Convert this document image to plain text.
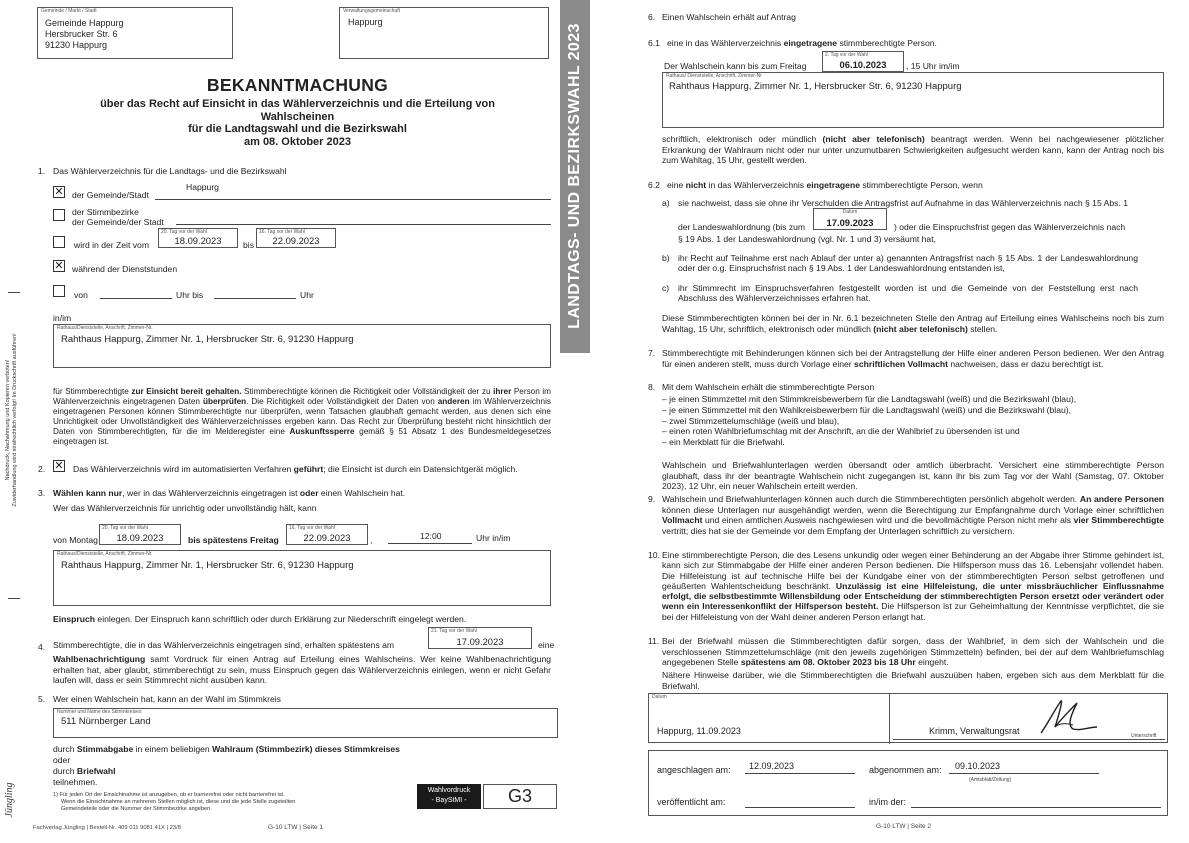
Gemeinde / Markt / Stadt
Gemeinde Happurg
Hersbrucker Str. 6
91230 Happurg
Verwaltungsgemeinschaft
Happurg
LANDTAGS- UND BEZIRKSWAHL 2023
Nachdruck, Nachahmung und Kopieren verboten! Zuwiderhandlung wird strafrechtlich verfolgt! Im Druckschrift ausführen!
BEKANNTMACHUNG
über das Recht auf Einsicht in das Wählerverzeichnis und die Erteilung von
Wahlscheinen
für die Landtagswahl und die Bezirkswahl
am 08. Oktober 2023
1. Das Wählerverzeichnis für die Landtags- und die Bezirkswahl
✕ der Gemeinde/Stadt
Happurg
der Stimmbezirke
der Gemeinde/der Stadt
wird in der Zeit vom
20. Tag vor der Wahl
18.09.2023	bis
16. Tag vor der Wahl
22.09.2023
✕ während der Dienststunden
von	Uhr bis	Uhr
in/im
Rathaus/Dienststelle, Anschrift, Zimmer-Nr.
Rahthaus Happurg, Zimmer Nr. 1, Hersbrucker Str. 6, 91230 Happurg
für Stimmberechtigte zur Einsicht bereit gehalten. Stimmberechtigte können die Richtigkeit oder Vollständigkeit der zu ihrer Person im Wählerverzeichnis eingetragenen Daten überprüfen. Die Richtigkeit oder Vollständigkeit der Daten von anderen im Wählerverzeichnis eingetragenen Personen können Stimmberechtigte nur überprüfen, wenn Tatsachen glaubhaft gemacht werden, aus denen sich eine Unrichtigkeit oder Unvollständigkeit des Wählerverzeichnisses ergeben kann. Das Recht zur Überprüfung besteht nicht hinsichtlich der Daten von Stimmberechtigten, für die im Melderegister eine Auskunftssperre gemäß § 51 Absatz 1 des Bundesmeldegesetzes eingetragen ist.
2. ✕ Das Wählerverzeichnis wird im automatisierten Verfahren geführt; die Einsicht ist durch ein Datensichtgerät möglich.
3. Wählen kann nur, wer in das Wählerverzeichnis eingetragen ist oder einen Wahlschein hat.
Wer das Wählerverzeichnis für unrichtig oder unvollständig hält, kann
von Montag
20. Tag vor der Wahl
18.09.2023	bis spätestens Freitag
16. Tag vor der Wahl
22.09.2023	,	12:00	Uhr in/im
Rathaus/Dienststelle, Anschrift, Zimmer-Nr.
Rahthaus Happurg, Zimmer Nr. 1, Hersbrucker Str. 6, 91230 Happurg
Einspruch einlegen. Der Einspruch kann schriftlich oder durch Erklärung zur Niederschrift eingelegt werden.
4. Stimmberechtigte, die in das Wählerverzeichnis eingetragen sind, erhalten spätestens am
21. Tag vor der Wahl
17.09.2023	eine
Wahlbenachrichtigung samt Vordruck für einen Antrag auf Erteilung eines Wahlscheins. Wer keine Wahlbenachrichtigung erhalten hat, aber glaubt, stimmberechtigt zu sein, muss Einspruch gegen das Wählerverzeichnis einlegen, wenn er nicht Gefahr laufen will, dass er sein Stimmrecht nicht ausüben kann.
5. Wer einen Wahlschein hat, kann an der Wahl im Stimmkreis
Nummer und Name des Stimmkreises
511 Nürnberger Land
durch Stimmabgabe in einem beliebigen Wahlraum (Stimmbezirk) dieses Stimmkreises
oder
durch Briefwahl
teilnehmen.
1) Für jeden Ort der Einsichtnahme ist anzugeben, ob er barrierefrei oder nicht barrierefrei ist.
Wenn die Einsichtnahme an mehreren Stellen möglich ist, diese und die jede Stelle zugeteilten
Gemeindeteile oder die Nummer der Stimmbezirke angeben.
Wahlvordruck
- BayStMI -	G3
Jüngling
Fachverlag Jüngling | Bestell-Nr. 409 011 9081 41X | 23/8	G-10 LTW | Seite 1
6. Einen Wahlschein erhält auf Antrag
6.1 eine in das Wählerverzeichnis eingetragene stimmberechtigte Person.
Der Wahlschein kann bis zum Freitag
2. Tag vor der Wahl
06.10.2023	, 15 Uhr im/im
Rathaus/ Dienststelle, Anschrift, Zimmer-Nr
Rahthaus Happurg, Zimmer Nr. 1, Hersbrucker Str. 6, 91230 Happurg
schriftlich, elektronisch oder mündlich (nicht aber telefonisch) beantragt werden. Wenn bei nachgewiesener plötzlicher Erkrankung der Wahlraum nicht oder nur unter unzumutbaren Schwierigkeiten aufgesucht werden kann, kann der Antrag noch bis zum Wahltag, 15 Uhr, gestellt werden.
6.2 eine nicht in das Wählerverzeichnis eingetragene stimmberechtigte Person, wenn
a) sie nachweist, dass sie ohne ihr Verschulden die Antragsfrist auf Aufnahme in das Wählerverzeichnis nach § 15 Abs. 1
der Landeswahlordnung (bis zum
Datum
17.09.2023	) oder die Einspruchsfrist gegen das Wählerverzeichnis nach
§ 19 Abs. 1 der Landeswahlordnung (vgl. Nr. 1 und 3) versäumt hat,
b) ihr Recht auf Teilnahme erst nach Ablauf der unter a) genannten Antragsfrist nach § 15 Abs. 1 der Landeswahlordnung oder der o.g. Einspruchsfrist nach § 19 Abs. 1 der Landeswahlordnung entstanden ist,
c) ihr Stimmrecht im Einspruchsverfahren festgestellt worden ist und die Gemeinde von der Feststellung erst nach Abschluss des Wählerverzeichnisses erfahren hat.
Diese Stimmberechtigten können bei der in Nr. 6.1 bezeichneten Stelle den Antrag auf Erteilung eines Wahlscheins noch bis zum Wahltag, 15 Uhr, schriftlich, elektronisch oder mündlich (nicht aber telefonisch) stellen.
7. Stimmberechtigte mit Behinderungen können sich bei der Antragstellung der Hilfe einer anderen Person bedienen. Wer den Antrag für einen anderen stellt, muss durch Vorlage einer schriftlichen Vollmacht nachweisen, dass er dazu berechtigt ist.
8. Mit dem Wahlschein erhält die stimmberechtigte Person
– je einen Stimmzettel mit den Stimmkreisbewerbern für die Landtagswahl (weiß) und die Bezirkswahl (blau),
– je einen Stimmzettel mit den Wahlkreisbewerbern für die Landtagswahl (weiß) und die Bezirkswahl (blau),
– zwei Stimmzettelumschläge (weiß und blau),
– einen roten Wahlbriefumschlag mit der Anschrift, an die der Wahlbrief zu übersenden ist und
– ein Merkblatt für die Briefwahl.
Wahlschein und Briefwahlunterlagen werden übersandt oder amtlich überbracht. Versichert eine stimmberechtigte Person glaubhaft, dass ihr der beantragte Wahlschein nicht zugegangen ist, kann ihr bis zum Tag vor der Wahl (Samstag, 07. Oktober 2023), 12 Uhr, ein neuer Wahlschein erteilt werden.
9. Wahlschein und Briefwahlunterlagen können auch durch die Stimmberechtigten persönlich abgeholt werden. An andere Personen können diese Unterlagen nur ausgehändigt werden, wenn die Berechtigung zur Empfangnahme durch Vorlage einer schriftlichen Vollmacht und einen amtlichen Ausweis nachgewiesen wird und die bevollmächtigte Person nicht mehr als vier Stimmberechtigte vertritt; dies hat sie der Gemeinde vor dem Empfang der Unterlagen schriftlich zu versichern.
10. Eine stimmberechtigte Person, die des Lesens unkundig oder wegen einer Behinderung an der Abgabe ihrer Stimme gehindert ist, kann sich zur Stimmabgabe der Hilfe einer anderen Person bedienen. Die Hilfsperson muss das 16. Lebensjahr vollendet haben. Die Hilfeleistung ist auf technische Hilfe bei der Kundgabe einer von der stimmberechtigten Person selbst getroffenen und geäußerten Wahlentscheidung beschränkt. Unzulässig ist eine Hilfeleistung, die unter missbräuchlicher Einflussnahme erfolgt, die selbstbestimmte Willensbildung oder Entscheidung der stimmberechtigten Person ersetzt oder verändert oder wenn ein Interessenkonflikt der Hilfsperson besteht. Die Hilfsperson ist zur Geheimhaltung der Kenntnisse verpflichtet, die sie bei der Hilfeleistung von der Wahl deiner anderen Person erlangt hat.
11. Bei der Briefwahl müssen die Stimmberechtigten dafür sorgen, dass der Wahlbrief, in dem sich der Wahlschein und die verschlossenen Stimmzettelumschläge (mit den jeweils zugehörigen Stimmzetteln) befinden, bei der auf dem Wahlbriefumschlag angegebenen Stelle spätestens am 08. Oktober 2023 bis 18 Uhr eingeht.
Nähere Hinweise darüber, wie die Stimmberechtigten die Briefwahl auszuüben haben, ergeben sich aus dem Merkblatt für die Briefwahl.
Datum
Happurg, 11.09.2023	Krimm, Verwaltungsrat	Unterschrift
angeschlagen am: 12.09.2023	abgenommen am: 09.10.2023
(Amtsblatt/Zeitung)
veröffentlicht am:	in/im der:
G-10 LTW | Seite 2
